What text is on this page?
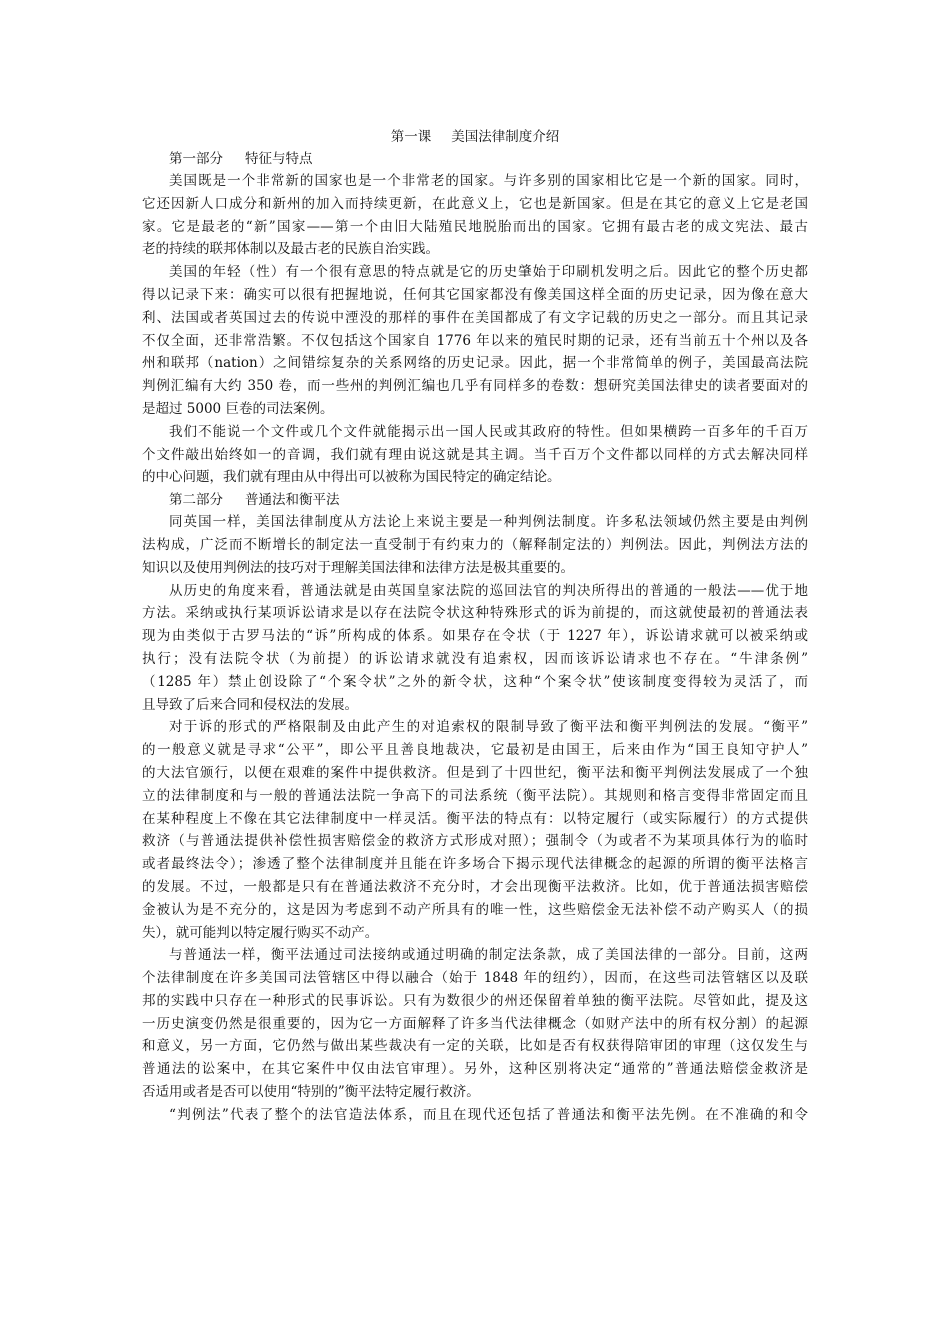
第一课 美国法律制度介绍
第一部分 特征与特点

美国既是一个非常新的国家也是一个非常老的国家。与许多别的国家相比它是一个新的国家。同时，
它还因新人口成分和新州的加入而持续更新，在此意义上，它也是新国家。但是在其它的意义上它是老国
家。它是最老的“新”国家——第一个由旧大陆殖民地脱胎而出的国家。它拥有最古老的成文宪法、最古
老的持续的联邦体制以及最古老的民族自治实践。

美国的年轻（性）有一个很有意思的特点就是它的历史肇始于印刷机发明之后。因此它的整个历史都
得以记录下来：确实可以很有把握地说，任何其它国家都没有像美国这样全面的历史记录，因为像在意大
利、法国或者英国过去的传说中湮没的那样的事件在美国都成了有文字记载的历史之一部分。而且其记录
不仅全面，还非常浩繁。不仅包括这个国家自 1776 年以来的殖民时期的记录，还有当前五十个州以及各
州和联邦（nation）之间错综复杂的关系网络的历史记录。因此，据一个非常简单的例子，美国最高法院
判例汇编有大约 350 卷，而一些州的判例汇编也几乎有同样多的卷数：想研究美国法律史的读者要面对的
是超过 5000 巨卷的司法案例。

我们不能说一个文件或几个文件就能揭示出一国人民或其政府的特性。但如果横跨一百多年的千百万
个文件敲出始终如一的音调，我们就有理由说这就是其主调。当千百万个文件都以同样的方式去解决同样
的中心问题，我们就有理由从中得出可以被称为国民特定的确定结论。

第二部分 普通法和衡平法

同英国一样，美国法律制度从方法论上来说主要是一种判例法制度。许多私法领域仍然主要是由判例
法构成，广泛而不断增长的制定法一直受制于有约束力的（解释制定法的）判例法。因此，判例法方法的
知识以及使用判例法的技巧对于理解美国法律和法律方法是极其重要的。

从历史的角度来看，普通法就是由英国皇家法院的巡回法官的判决所得出的普通的一般法——优于地
方法。采纳或执行某项诉讼请求是以存在法院令状这种特殊形式的诉为前提的，而这就使最初的普通法表
现为由类似于古罗马法的“诉”所构成的体系。如果存在令状（于 1227 年），诉讼请求就可以被采纳或
执行；没有法院令状（为前提）的诉讼请求就没有追索权，因而该诉讼请求也不存在。“牛津条例”
（1285 年）禁止创设除了“个案令状”之外的新令状，这种“个案令状”使该制度变得较为灵活了，而
且导致了后来合同和侵权法的发展。

对于诉的形式的严格限制及由此产生的对追索权的限制导致了衡平法和衡平判例法的发展。“衡平”
的一般意义就是寻求“公平”，即公平且善良地裁决，它最初是由国王，后来由作为“国王良知守护人”
的大法官颁行，以便在艰难的案件中提供救济。但是到了十四世纪，衡平法和衡平判例法发展成了一个独
立的法律制度和与一般的普通法法院一争高下的司法系统（衡平法院）。其规则和格言变得非常固定而且
在某种程度上不像在其它法律制度中一样灵活。衡平法的特点有：以特定履行（或实际履行）的方式提供
救济（与普通法提供补偿性损害赔偿金的救济方式形成对照）；强制令（为或者不为某项具体行为的临时
或者最终法令）；渗透了整个法律制度并且能在许多场合下揭示现代法律概念的起源的所谓的衡平法格言
的发展。不过，一般都是只有在普通法救济不充分时，才会出现衡平法救济。比如，优于普通法损害赔偿
金被认为是不充分的，这是因为考虑到不动产所具有的唯一性，这些赔偿金无法补偿不动产购买人（的损
失），就可能判以特定履行购买不动产。

与普通法一样，衡平法通过司法接纳或通过明确的制定法条款，成了美国法律的一部分。目前，这两
个法律制度在许多美国司法管辖区中得以融合（始于 1848 年的纽约），因而，在这些司法管辖区以及联
邦的实践中只存在一种形式的民事诉讼。只有为数很少的州还保留着单独的衡平法院。尽管如此，提及这
一历史演变仍然是很重要的，因为它一方面解释了许多当代法律概念（如财产法中的所有权分割）的起源
和意义，另一方面，它仍然与做出某些裁决有一定的关联，比如是否有权获得陪审团的审理（这仅发生与
普通法的讼案中，在其它案件中仅由法官审理）。另外，这种区别将决定“通常的”普通法赔偿金救济是
否适用或者是否可以使用“特别的”衡平法特定履行救济。

“判例法”代表了整个的法官造法体系，而且在现代还包括了普通法和衡平法先例。在不准确的和令
